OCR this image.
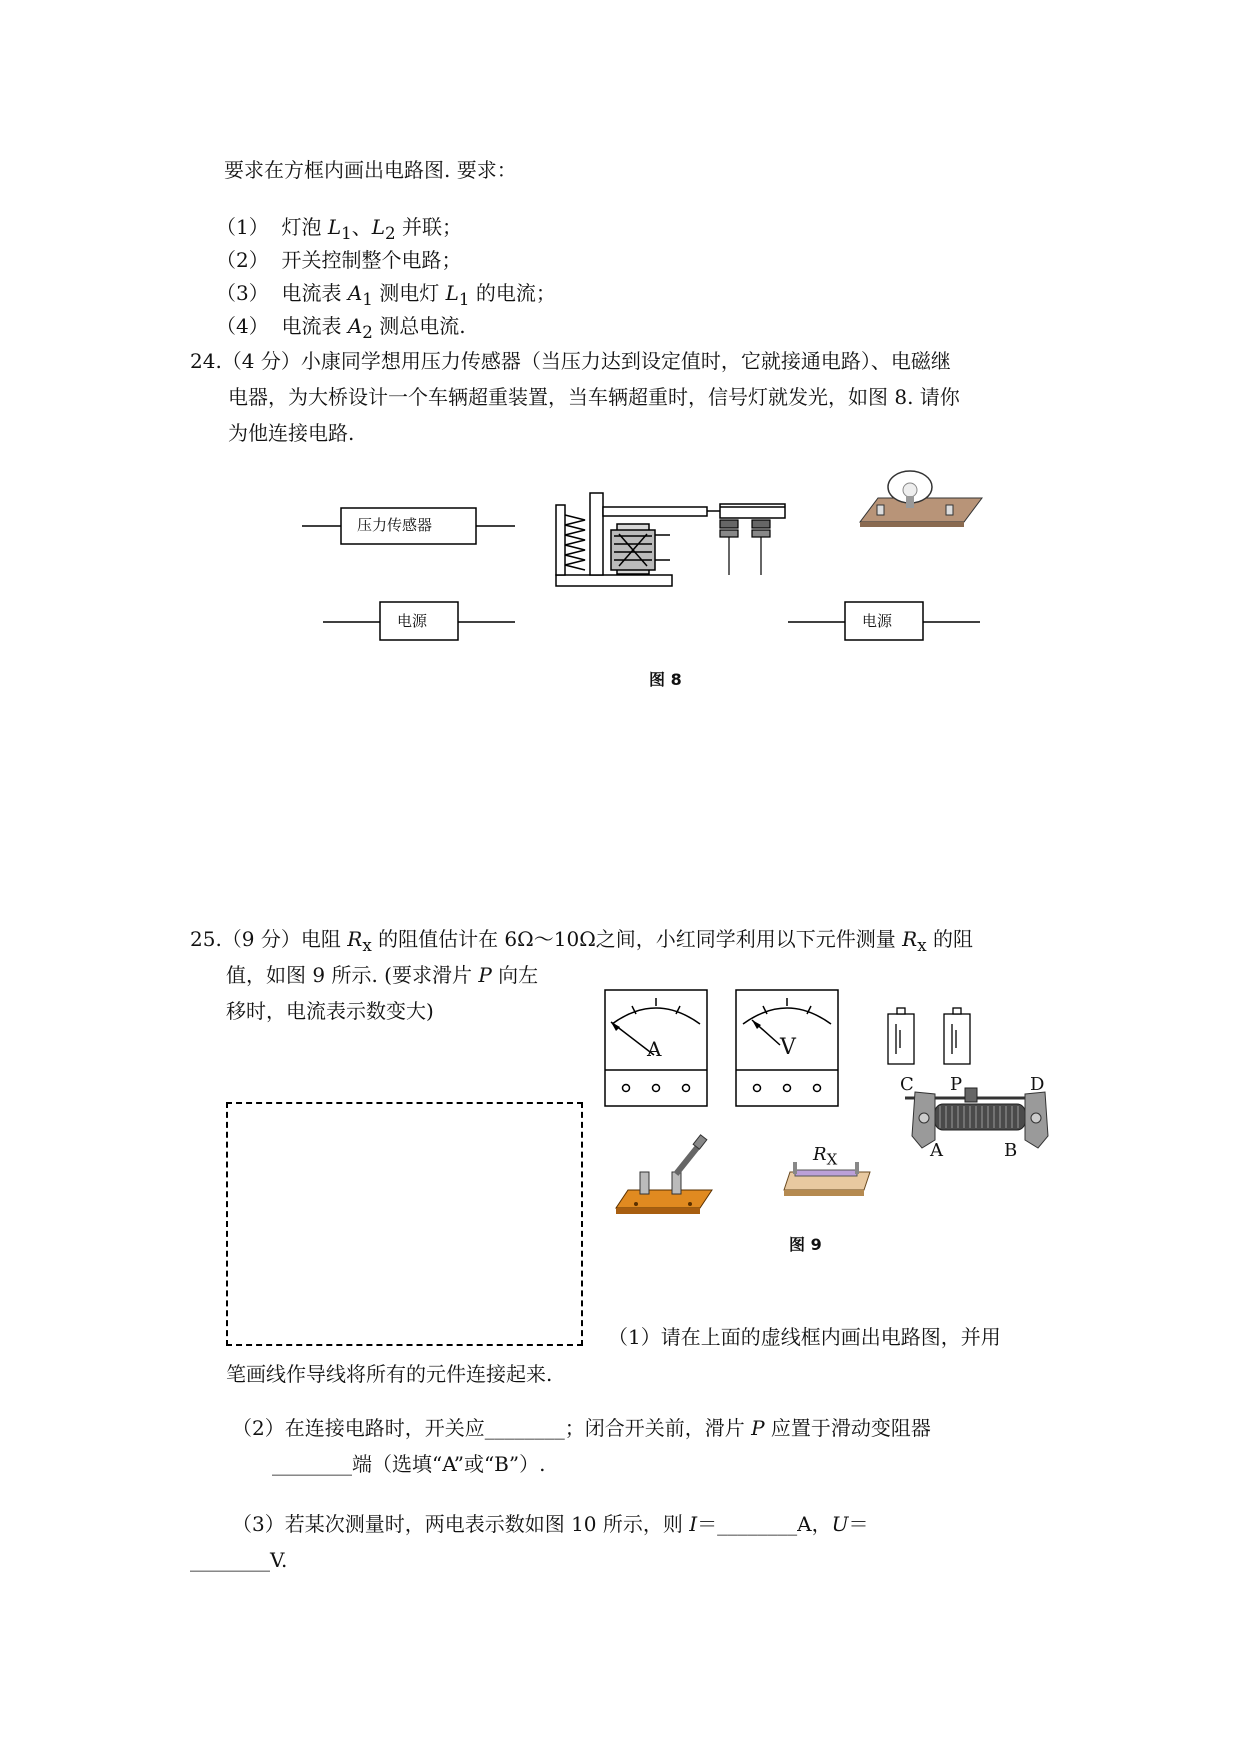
要求在方框内画出电路图. 要求：
（1） 灯泡 $L_1$、$L_2$ 并联；
（2） 开关控制整个电路；
（3） 电流表 $A_1$ 测电灯 $L_1$ 的电流；
（4） 电流表 $A_2$ 测总电流.
24.（4 分）小康同学想用压力传感器（当压力达到设定值时，它就接通电路）、电磁继
电器，为大桥设计一个车辆超重装置，当车辆超重时，信号灯就发光，如图 8. 请你
为他连接电路.
压力传感器
电源	电源
图 8
25.（9 分）电阻 $R_x$ 的阻值估计在 6Ω～10Ω之间，小红同学利用以下元件测量 $R_x$ 的阻
值，如图 9 所示. (要求滑片 P 向左
移时，电流表示数变大)
A	V
C P	D
A	B
$R_X$
图 9
（1）请在上面的虚线框内画出电路图，并用
笔画线作导线将所有的元件连接起来.
（2）在连接电路时，开关应________；闭合开关前，滑片 P 应置于滑动变阻器
________端（选填“A”或“B”）.
（3）若某次测量时，两电表示数如图 10 所示，则 I＝________A，U＝
________V.
